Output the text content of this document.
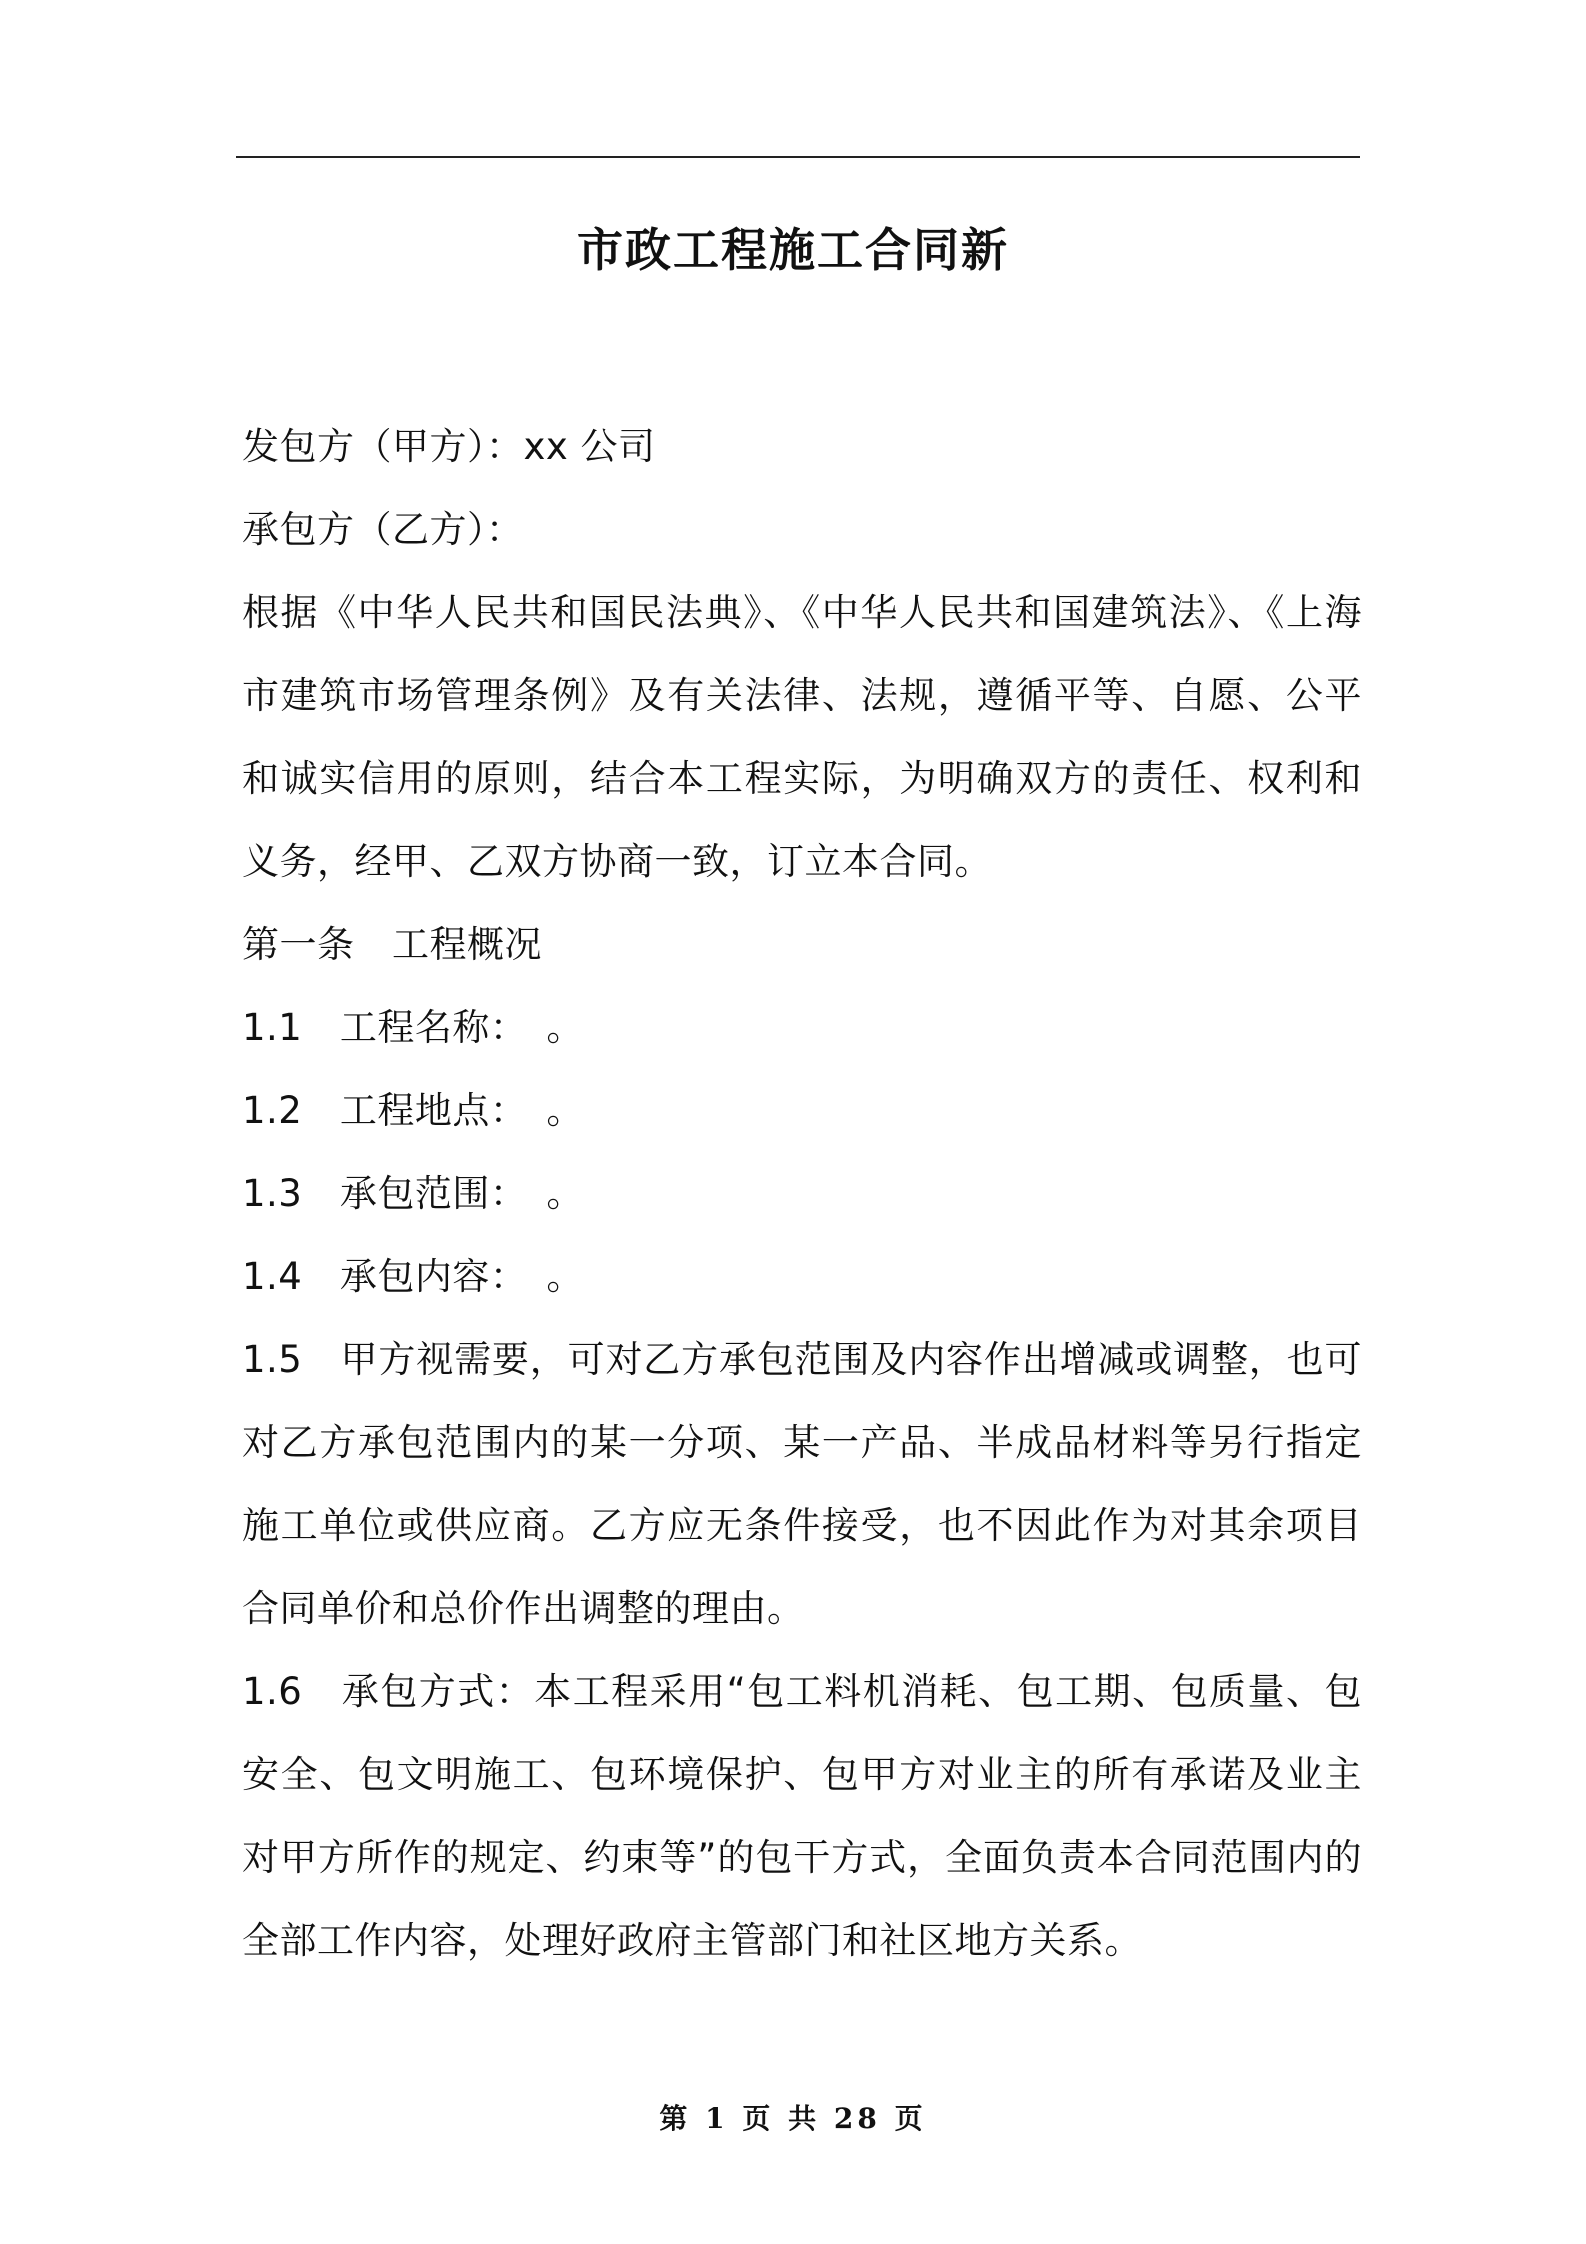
市政工程施工合同新

发包方（甲方）：xx 公司

承包方（乙方）：

根据《中华人民共和国民法典》、《中华人民共和国建筑法》、《上海市建筑市场管理条例》及有关法律、法规，遵循平等、自愿、公平和诚实信用的原则，结合本工程实际，为明确双方的责任、权利和义务，经甲、乙双方协商一致，订立本合同。

第一条　工程概况

1.1　工程名称：　。

1.2　工程地点：　。

1.3　承包范围：　。

1.4　承包内容：　。

1.5　甲方视需要，可对乙方承包范围及内容作出增减或调整，也可对乙方承包范围内的某一分项、某一产品、半成品材料等另行指定施工单位或供应商。乙方应无条件接受，也不因此作为对其余项目合同单价和总价作出调整的理由。

1.6　承包方式：本工程采用“包工料机消耗、包工期、包质量、包安全、包文明施工、包环境保护、包甲方对业主的所有承诺及业主对甲方所作的规定、约束等”的包干方式，全面负责本合同范围内的全部工作内容，处理好政府主管部门和社区地方关系。

第 1 页 共 28 页
